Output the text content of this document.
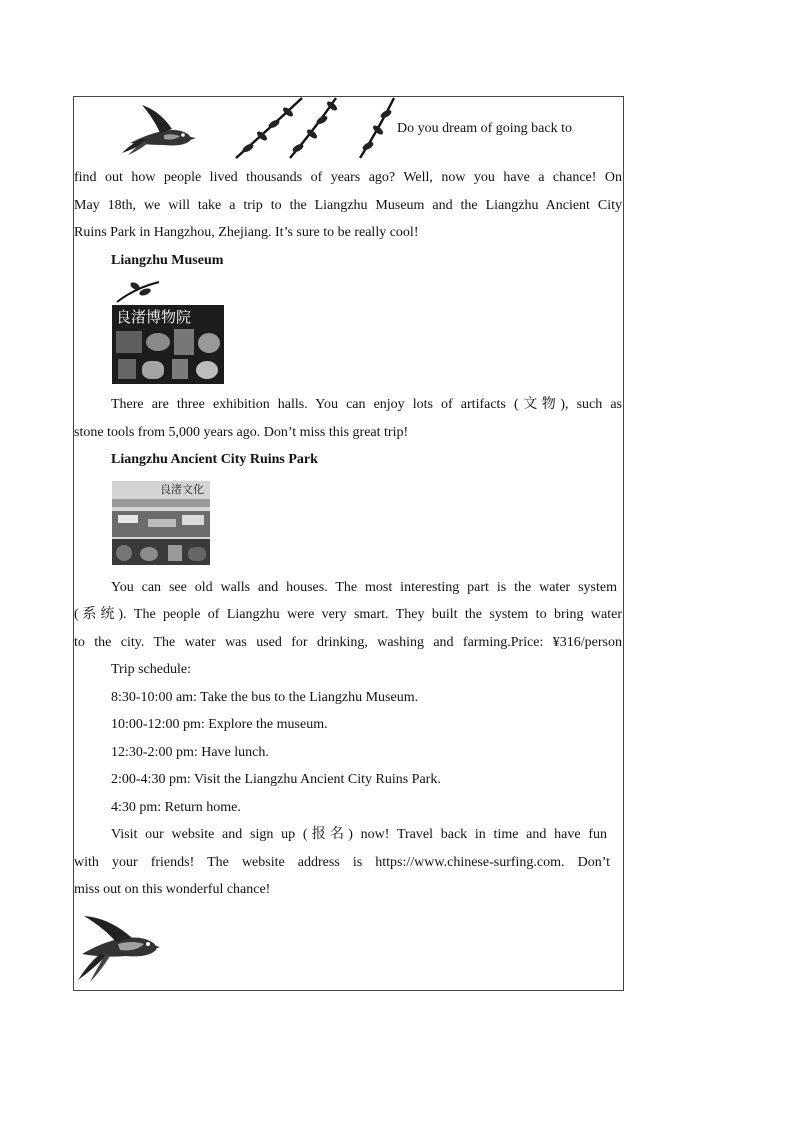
Do you dream of going back to
find out how people lived thousands of years ago? Well, now you have a chance! On
May 18th, we will take a trip to the Liangzhu Museum and the Liangzhu Ancient City
Ruins Park in Hangzhou, Zhejiang. It’s sure to be really cool!
Liangzhu Museum
良渚博物院
There are three exhibition halls. You can enjoy lots of artifacts (文物), such as
stone tools from 5,000 years ago. Don’t miss this great trip!
Liangzhu Ancient City Ruins Park
良渚文化
You can see old walls and houses. The most interesting part is the water system
(系统). The people of Liangzhu were very smart. They built the system to bring water
to the city. The water was used for drinking, washing and farming.Price: ¥316/person
Trip schedule:
8:30-10:00 am: Take the bus to the Liangzhu Museum.
10:00-12:00 pm: Explore the museum.
12:30-2:00 pm: Have lunch.
2:00-4:30 pm: Visit the Liangzhu Ancient City Ruins Park.
4:30 pm: Return home.
Visit our website and sign up (报名) now! Travel back in time and have fun
with your friends! The website address is https://www.chinese-surfing.com. Don’t
miss out on this wonderful chance!
